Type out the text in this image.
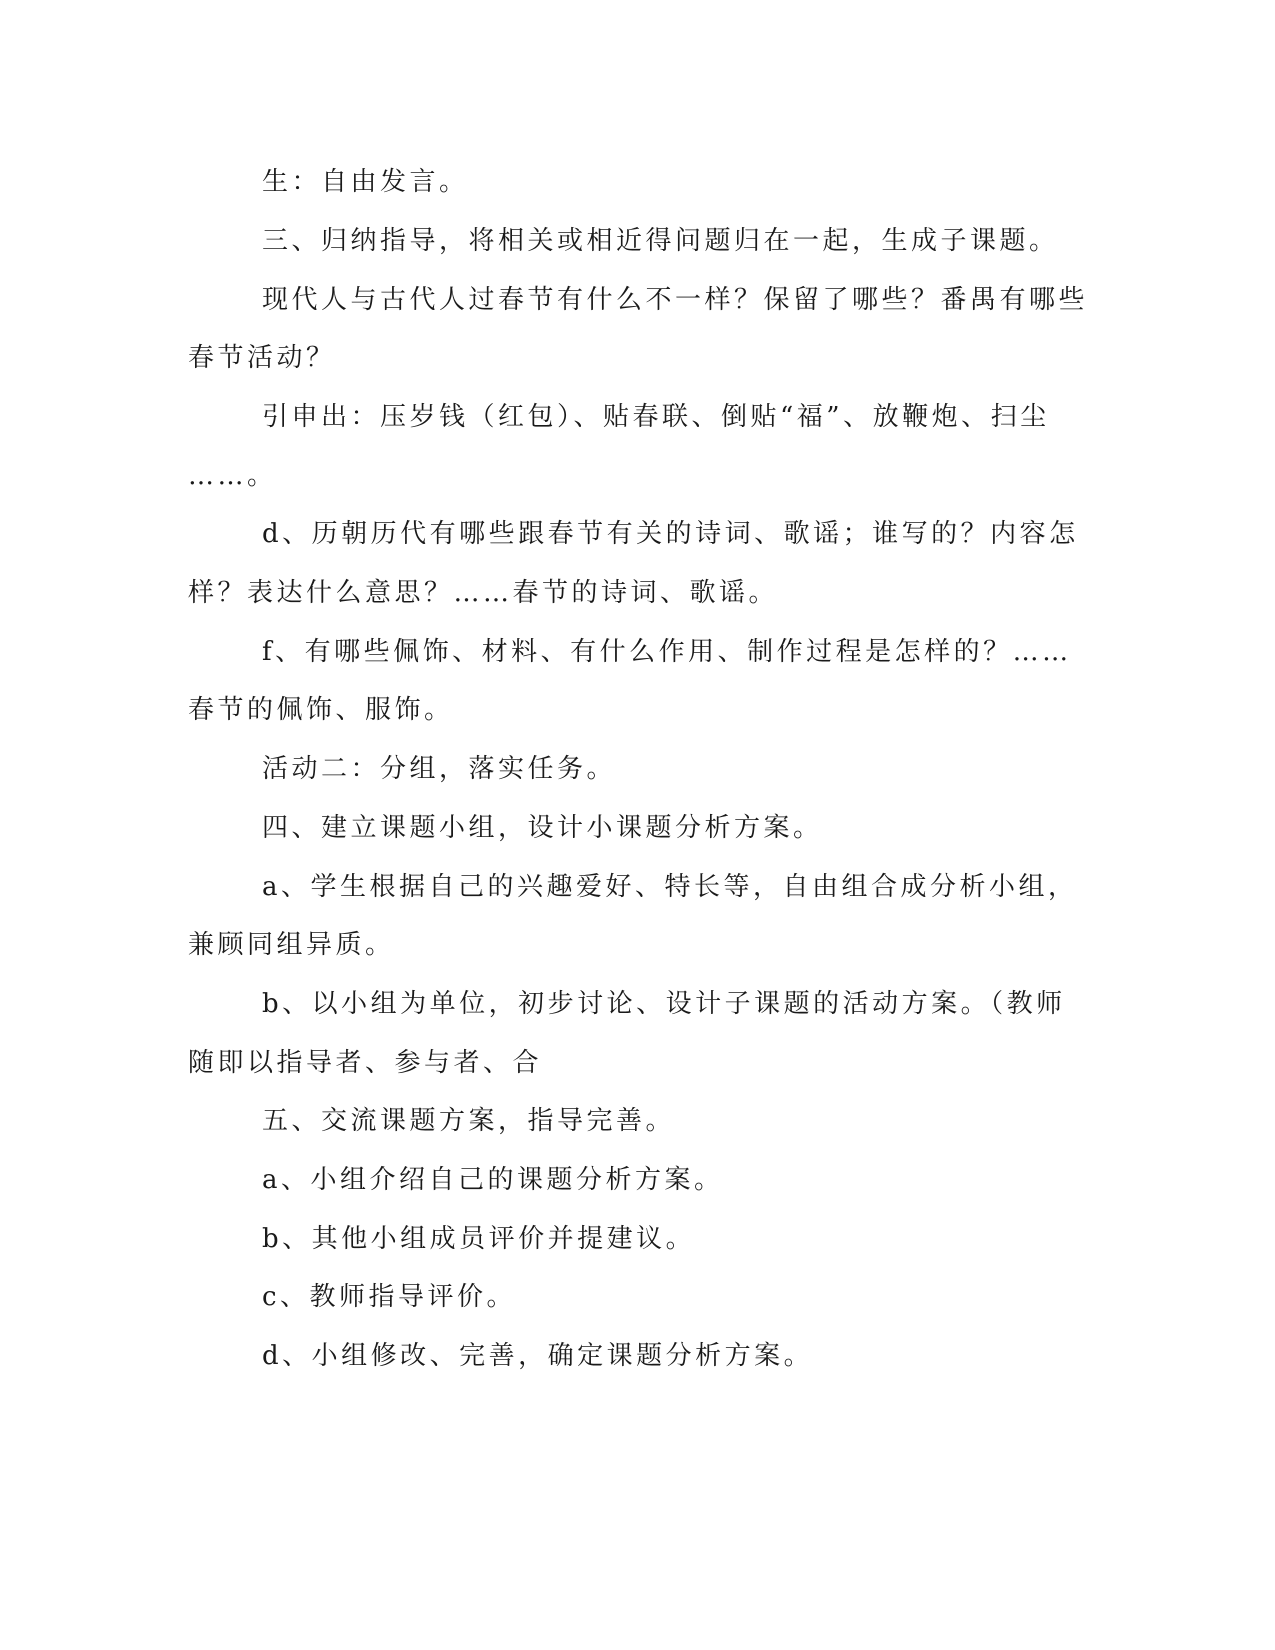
生：自由发言。

三、归纳指导，将相关或相近得问题归在一起，生成子课题。

现代人与古代人过春节有什么不一样？保留了哪些？番禺有哪些

春节活动？

引申出：压岁钱（红包）、贴春联、倒贴“福”、放鞭炮、扫尘

……。

d、历朝历代有哪些跟春节有关的诗词、歌谣；谁写的？内容怎

样？表达什么意思？……春节的诗词、歌谣。

f、有哪些佩饰、材料、有什么作用、制作过程是怎样的？……

春节的佩饰、服饰。

活动二：分组，落实任务。

四、建立课题小组，设计小课题分析方案。

a、学生根据自己的兴趣爱好、特长等，自由组合成分析小组，

兼顾同组异质。

b、以小组为单位，初步讨论、设计子课题的活动方案。（教师

随即以指导者、参与者、合

五、交流课题方案，指导完善。

a、小组介绍自己的课题分析方案。

b、其他小组成员评价并提建议。

c、教师指导评价。

d、小组修改、完善，确定课题分析方案。
